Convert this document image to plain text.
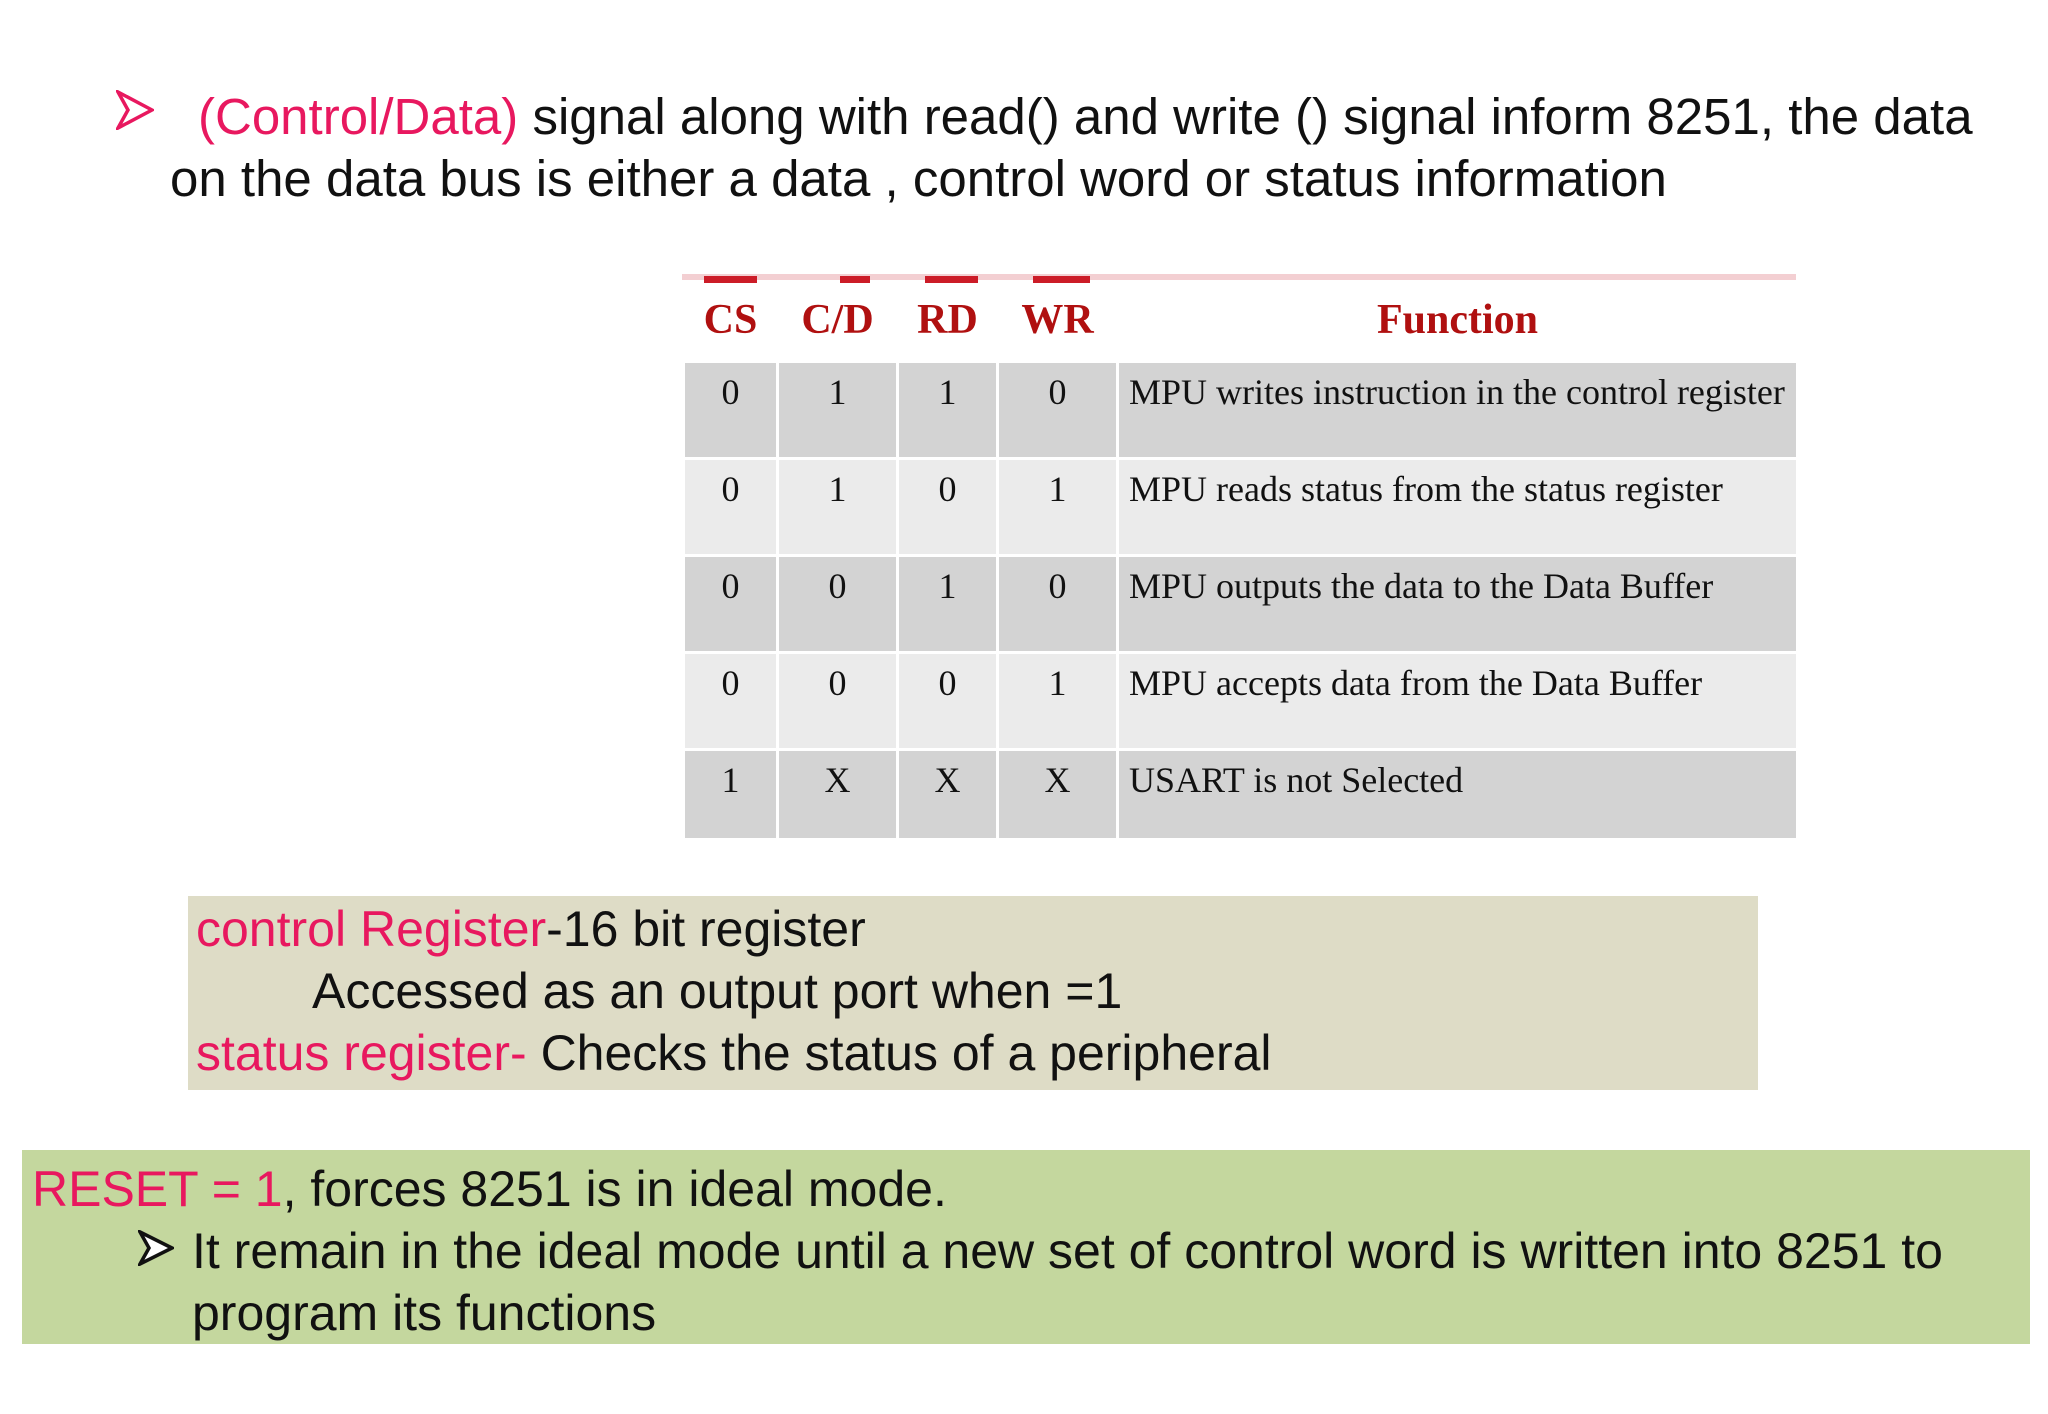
(Control/Data) signal along with read() and write () signal inform 8251, the data
on the data bus is either a data , control word or status information
CS	C/D	RD	WR	Function
0	1	1	0	MPU writes instruction in the control register
0	1	0	1	MPU reads status from the status register
0	0	1	0	MPU outputs the data to the Data Buffer
0	0	0	1	MPU accepts data from the Data Buffer
1	X	X	X	USART is not Selected
control Register-16 bit register
Accessed as an output port when =1
status register- Checks the status of a peripheral
RESET = 1, forces 8251 is in ideal mode.
It remain in the ideal mode until a new set of control word is written into 8251 to
program its functions
